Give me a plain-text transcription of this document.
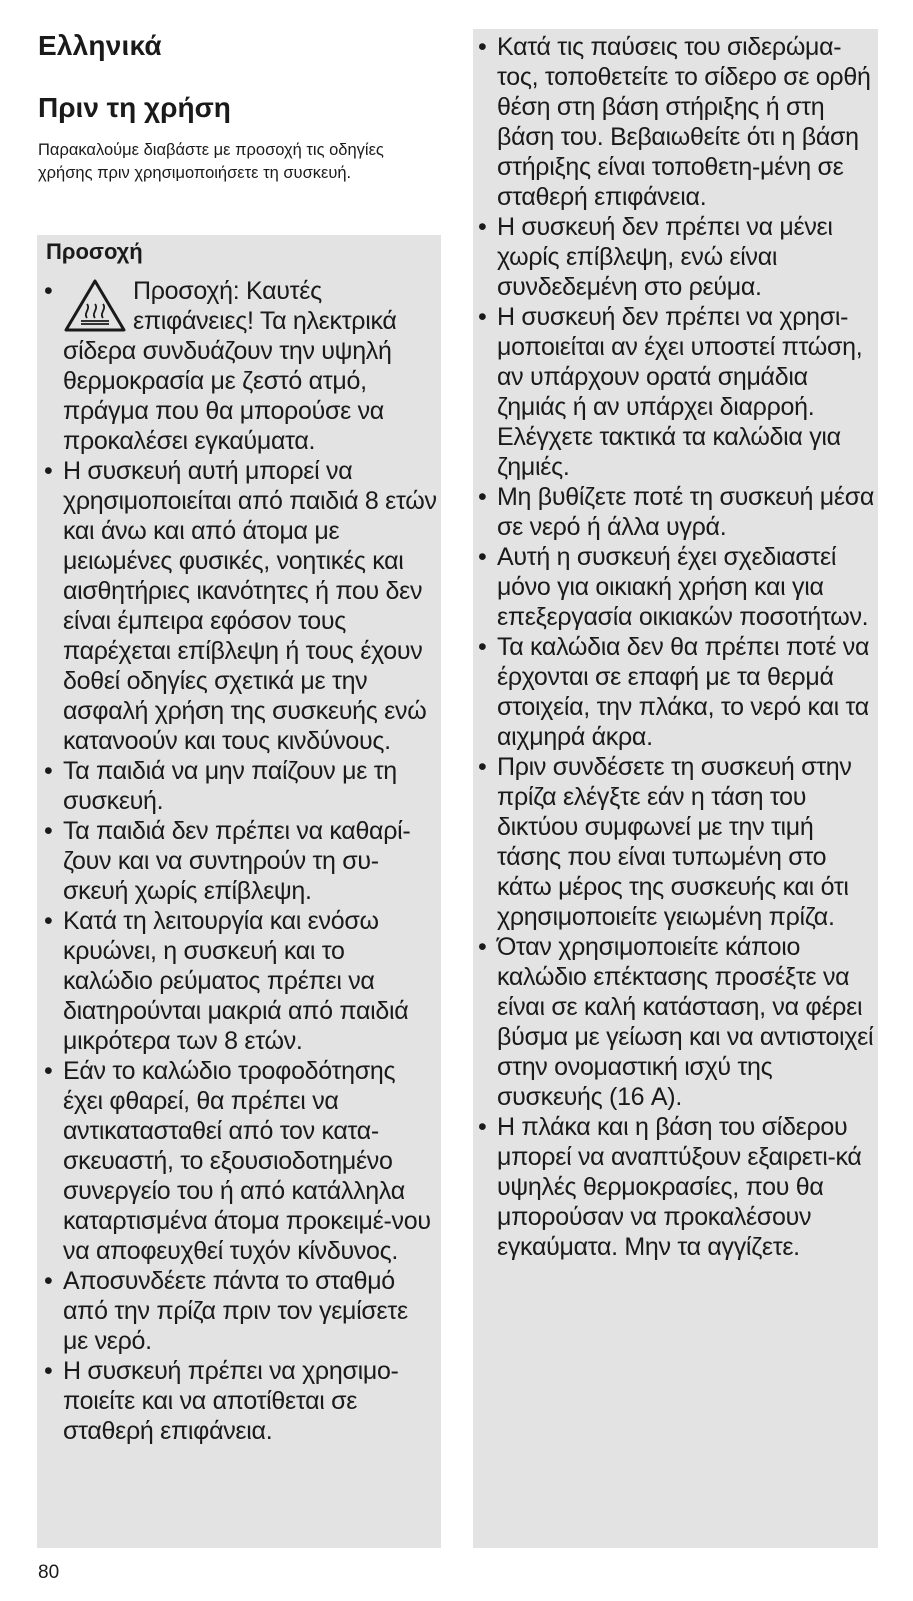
Ελληνικά
Πριν τη χρήση

Παρακαλούμε διαβάστε με προσοχή τις οδηγίες χρήσης πριν χρησιμοποιήσετε τη συσκευή.

Προσοχή
•	Προσοχή: Καυτές επιφάνειες! Τα ηλεκτρικά σίδερα συνδυάζουν την υψηλή θερμοκρασία με ζεστό ατμό, πράγμα που θα μπορούσε να προκαλέσει εγκαύματα.
• Η συσκευή αυτή μπορεί να χρησιμοποιείται από παιδιά 8 ετών και άνω και από άτομα με μειωμένες φυσικές, νοητικές και αισθητήριες ικανότητες ή που δεν είναι έμπειρα εφόσον τους παρέχεται επίβλεψη ή τους έχουν δοθεί οδηγίες σχετικά με την ασφαλή χρήση της συσκευής ενώ κατανοούν και τους κινδύνους.
• Τα παιδιά να μην παίζουν με τη συσκευή.
• Τα παιδιά δεν πρέπει να καθαρί-ζουν και να συντηρούν τη συ-σκευή χωρίς επίβλεψη.
• Κατά τη λειτουργία και ενόσω κρυώνει, η συσκευή και το καλώδιο ρεύματος πρέπει να διατηρούνται μακριά από παιδιά μικρότερα των 8 ετών.
• Εάν το καλώδιο τροφοδότησης έχει φθαρεί, θα πρέπει να αντικατασταθεί από τον κατα-σκευαστή, το εξουσιοδοτημένο συνεργείο του ή από κατάλληλα καταρτισμένα άτομα προκειμέ-νου να αποφευχθεί τυχόν κίνδυνος.
• Αποσυνδέετε πάντα το σταθμό από την πρίζα πριν τον γεμίσετε με νερό.
• Η συσκευή πρέπει να χρησιμο-ποιείτε και να αποτίθεται σε σταθερή επιφάνεια.
• Κατά τις παύσεις του σιδερώμα-τος, τοποθετείτε το σίδερο σε ορθή θέση στη βάση στήριξης ή στη βάση του. Βεβαιωθείτε ότι η βάση στήριξης είναι τοποθετη-μένη σε σταθερή επιφάνεια.
• Η συσκευή δεν πρέπει να μένει χωρίς επίβλεψη, ενώ είναι συνδεδεμένη στο ρεύμα.
• Η συσκευή δεν πρέπει να χρησι-μοποιείται αν έχει υποστεί πτώση, αν υπάρχουν ορατά σημάδια ζημιάς ή αν υπάρχει διαρροή. Ελέγχετε τακτικά τα καλώδια για ζημιές.
• Μη βυθίζετε ποτέ τη συσκευή μέσα σε νερό ή άλλα υγρά.
• Αυτή η συσκευή έχει σχεδιαστεί μόνο για οικιακή χρήση και για επεξεργασία οικιακών ποσοτήτων.
• Τα καλώδια δεν θα πρέπει ποτέ να έρχονται σε επαφή με τα θερμά στοιχεία, την πλάκα, το νερό και τα αιχμηρά άκρα.
• Πριν συνδέσετε τη συσκευή στην πρίζα ελέγξτε εάν η τάση του δικτύου συμφωνεί με την τιμή τάσης που είναι τυπωμένη στο κάτω μέρος της συσκευής και ότι χρησιμοποιείτε γειωμένη πρίζα.
• Όταν χρησιμοποιείτε κάποιο καλώδιο επέκτασης προσέξτε να είναι σε καλή κατάσταση, να φέρει βύσμα με γείωση και να αντιστοιχεί στην ονομαστική ισχύ της συσκευής (16 A).
• Η πλάκα και η βάση του σίδερου μπορεί να αναπτύξουν εξαιρετι-κά υψηλές θερμοκρασίες, που θα μπορούσαν να προκαλέσουν εγκαύματα. Μην τα αγγίζετε.

80
